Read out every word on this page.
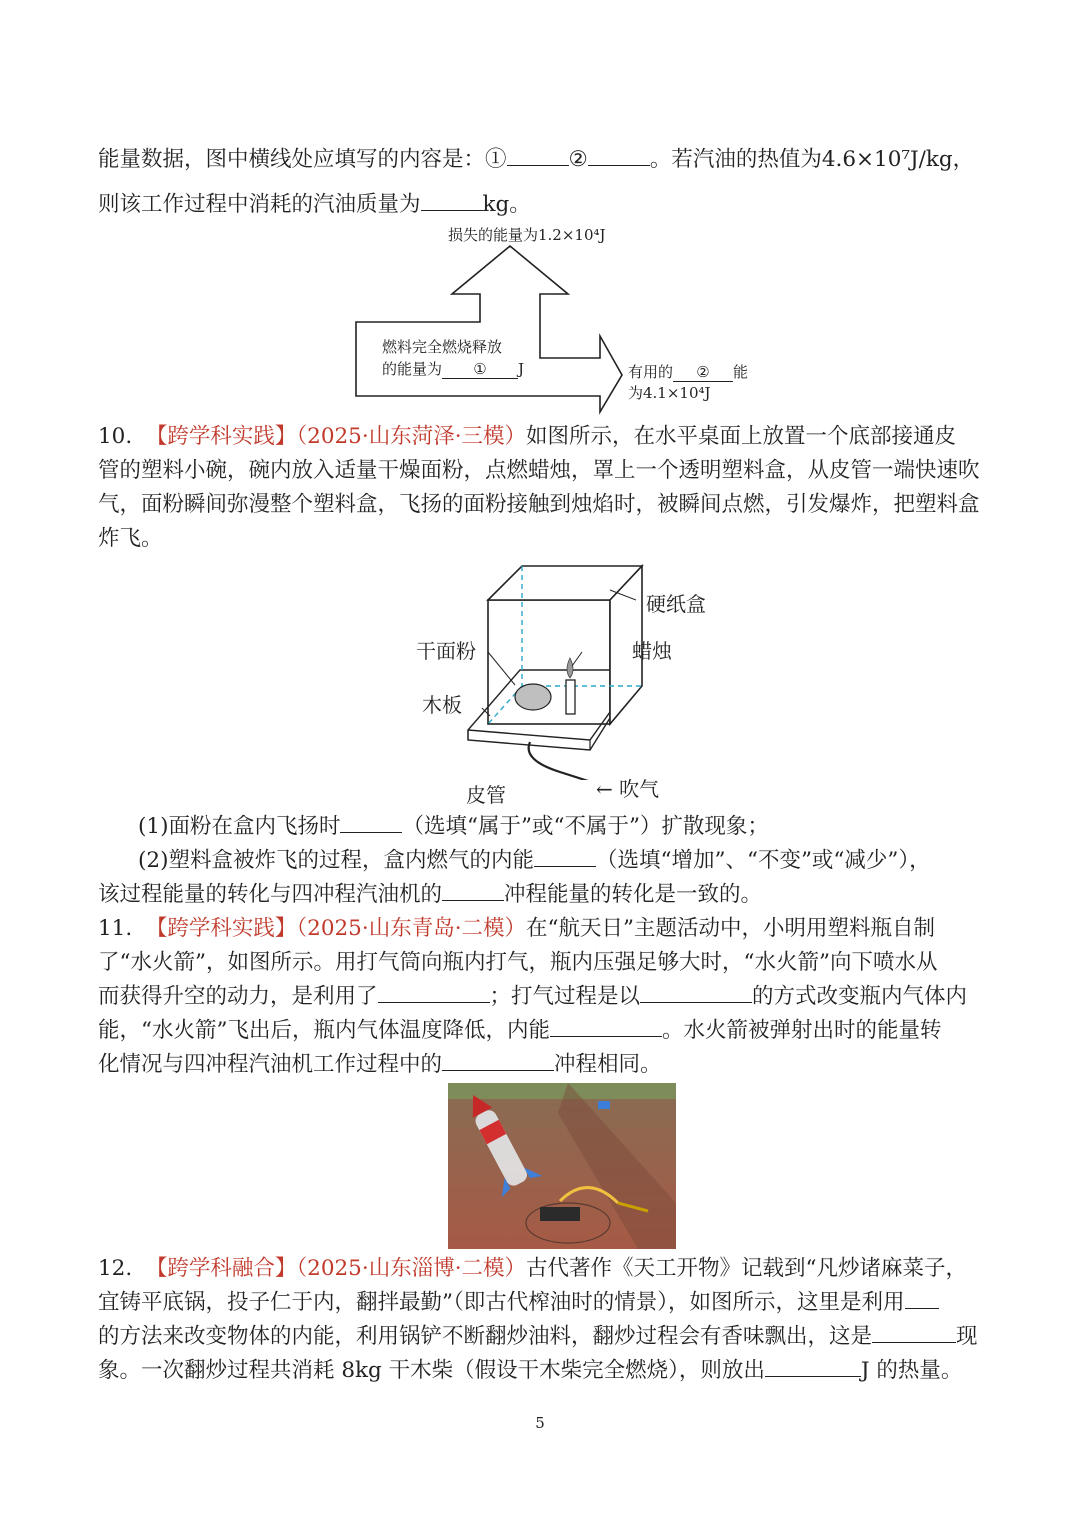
能量数据，图中横线处应填写的内容是：①	②	。若汽油的热值为4.6×10⁷J/kg，
则该工作过程中消耗的汽油质量为	kg。
损失的能量为1.2×10⁴J
燃料完全燃烧释放
的能量为 ① J	有用的 ② 能
为4.1×10⁴J
10. 【跨学科实践】（2025·山东菏泽·三模）如图所示，在水平桌面上放置一个底部接通皮
管的塑料小碗，碗内放入适量干燥面粉，点燃蜡烛，罩上一个透明塑料盒，从皮管一端快速吹
气，面粉瞬间弥漫整个塑料盒，飞扬的面粉接触到烛焰时，被瞬间点燃，引发爆炸，把塑料盒
炸飞。
硬纸盒
蜡烛
干面粉
木板
皮管	← 吹气
(1)面粉在盒内飞扬时	（选填“属于”或“不属于”）扩散现象；
(2)塑料盒被炸飞的过程，盒内燃气的内能	（选填“增加”、“不变”或“减少”），
该过程能量的转化与四冲程汽油机的	冲程能量的转化是一致的。
11. 【跨学科实践】（2025·山东青岛·二模）在“航天日”主题活动中，小明用塑料瓶自制
了“水火箭”，如图所示。用打气筒向瓶内打气，瓶内压强足够大时，“水火箭”向下喷水从
而获得升空的动力，是利用了	；打气过程是以	的方式改变瓶内气体内
能，“水火箭”飞出后，瓶内气体温度降低，内能	。水火箭被弹射出时的能量转
化情况与四冲程汽油机工作过程中的	冲程相同。
12. 【跨学科融合】（2025·山东淄博·二模）古代著作《天工开物》记载到“凡炒诸麻菜子，
宜铸平底锅，投子仁于内，翻拌最勤”（即古代榨油时的情景），如图所示，这里是利用
的方法来改变物体的内能，利用锅铲不断翻炒油料，翻炒过程会有香味飘出，这是	现
象。一次翻炒过程共消耗 8kg 干木柴（假设干木柴完全燃烧），则放出	J 的热量。
5
